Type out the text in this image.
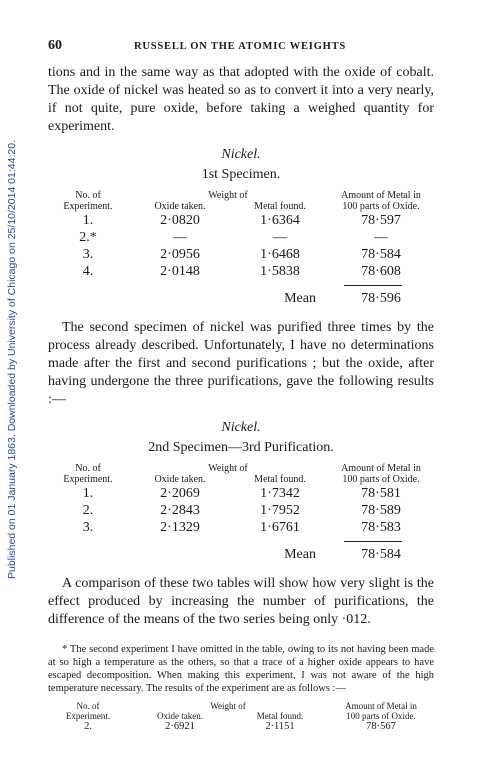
Published on 01 January 1863. Downloaded by University of Chicago on 25/10/2014 01:44:20.
60	RUSSELL ON THE ATOMIC WEIGHTS

tions and in the same way as that adopted with the oxide of cobalt. The oxide of nickel was heated so as to convert it into a very nearly, if not quite, pure oxide, before taking a weighed quantity for experiment.

Nickel.
1st Specimen.
No. of	Weight of	Amount of Metal in
Experiment.	Oxide taken.	Metal found.	100 parts of Oxide.
1.	2·0820	1·6364	78·597
2.*	—	—	—
3.	2·0956	1·6468	78·584
4.	2·0148	1·5838	78·608
Mean	78·596

The second specimen of nickel was purified three times by the process already described. Unfortunately, I have no determinations made after the first and second purifications ; but the oxide, after having undergone the three purifications, gave the following results :—

Nickel.
2nd Specimen—3rd Purification.
No. of	Weight of	Amount of Metal in
Experiment.	Oxide taken.	Metal found.	100 parts of Oxide.
1.	2·2069	1·7342	78·581
2.	2·2843	1·7952	78·589
3.	2·1329	1·6761	78·583
Mean	78·584

A comparison of these two tables will show how very slight is the effect produced by increasing the number of purifications, the difference of the means of the two series being only ·012.

* The second experiment I have omitted in the table, owing to its not having been made at so high a temperature as the others, so that a trace of a higher oxide appears to have escaped decomposition. When making this experiment, I was not aware of the high temperature necessary. The results of the experiment are as follows :—

No. of	Weight of	Amount of Metal in
Experiment.	Oxide taken.	Metal found.	100 parts of Oxide.
2.	2·6921	2·1151	78·567
